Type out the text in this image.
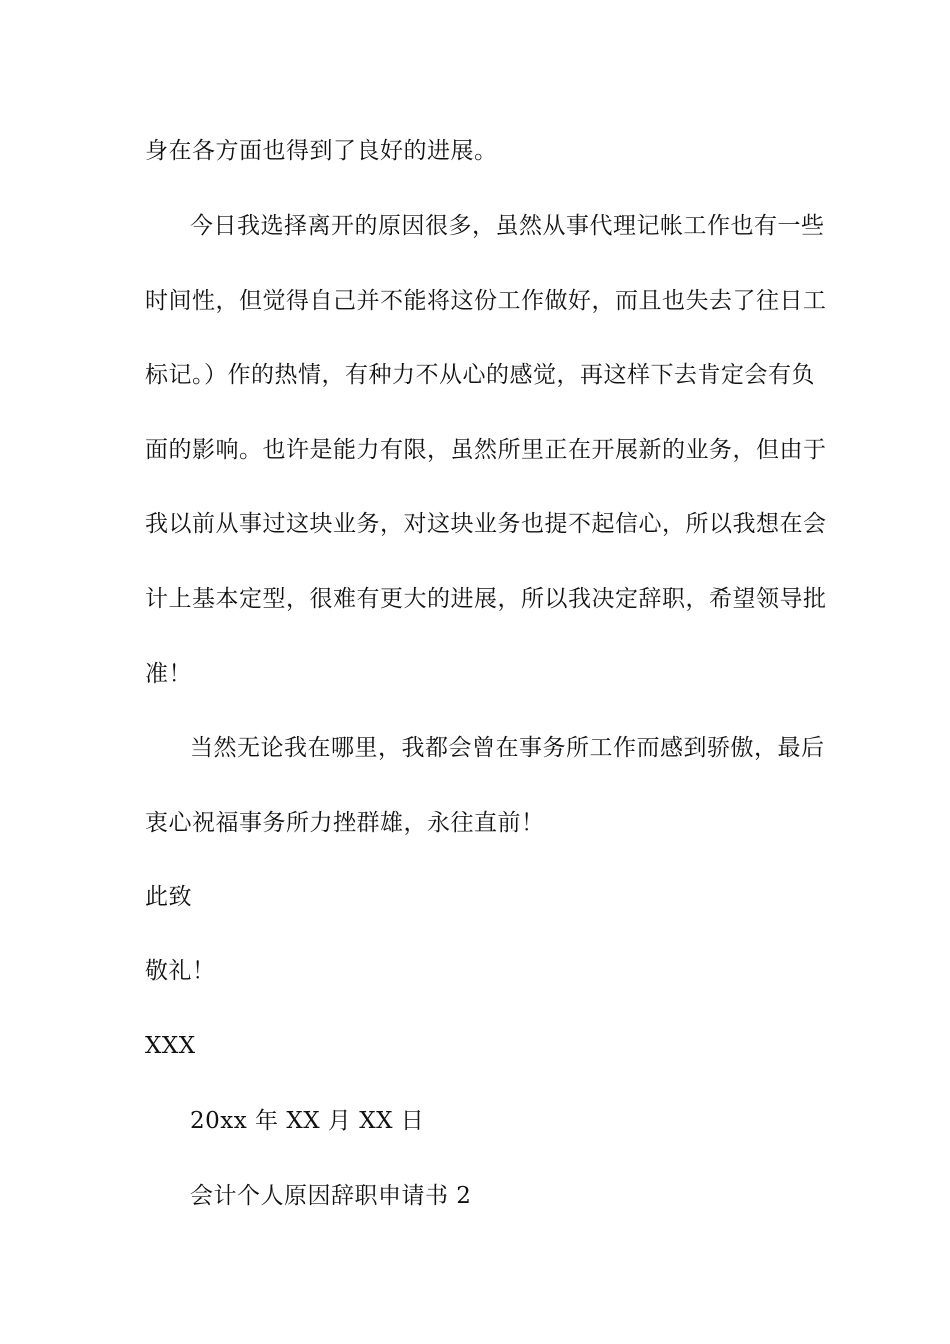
身在各方面也得到了良好的进展。
今日我选择离开的原因很多，虽然从事代理记帐工作也有一些
时间性，但觉得自己并不能将这份工作做好，而且也失去了往日工
标记。）作的热情，有种力不从心的感觉，再这样下去肯定会有负
面的影响。也许是能力有限，虽然所里正在开展新的业务，但由于
我以前从事过这块业务，对这块业务也提不起信心，所以我想在会
计上基本定型，很难有更大的进展，所以我决定辞职，希望领导批
准！
当然无论我在哪里，我都会曾在事务所工作而感到骄傲，最后
衷心祝福事务所力挫群雄，永往直前！
此致
敬礼！
XXX
20xx 年 XX 月 XX 日
会计个人原因辞职申请书 2
